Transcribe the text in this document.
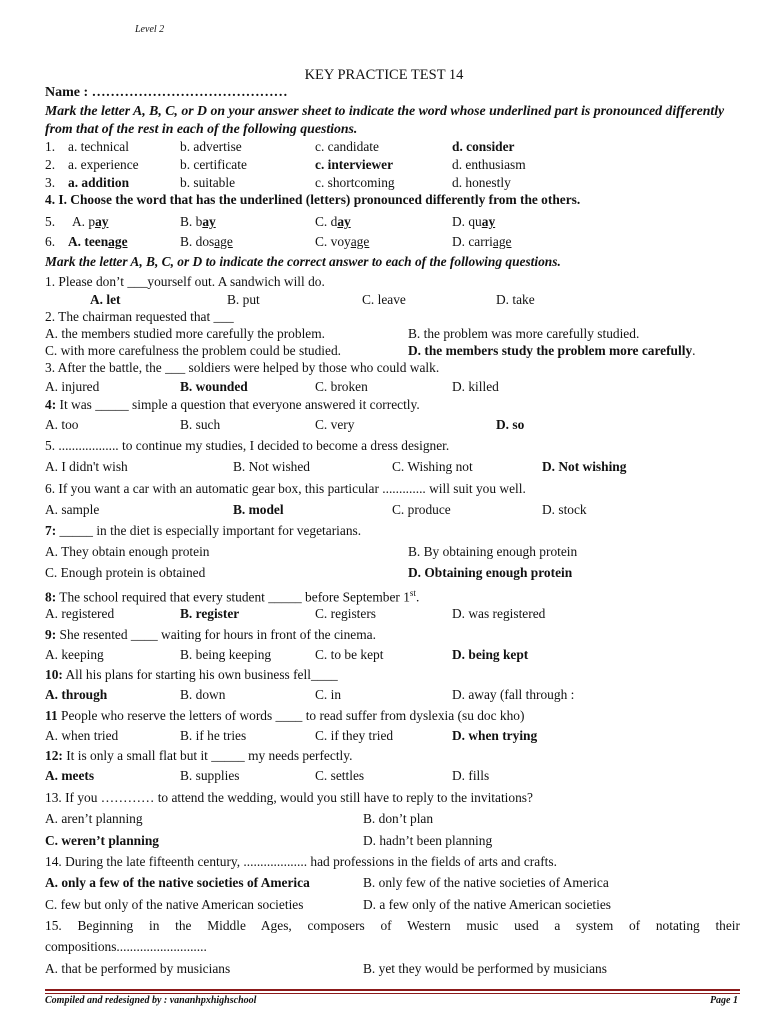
Level 2
KEY PRACTICE TEST 14
Name : ……………………………………
Mark the letter A, B, C, or D on your answer sheet to indicate the word whose underlined part is pronounced differently from that of the rest in each of the following questions.
1. a. technical	b. advertise	c. candidate	d. consider
2. a. experience	b. certificate	c. interviewer	d. enthusiasm
3. a. addition	b. suitable	c. shortcoming	d. honestly
4. I. Choose the word that has the underlined (letters) pronounced differently from the others.
5. A. pay	B. bay	C. day	D. quay
6. A. teenage	B. dosage	C. voyage	D. carriage
Mark the letter A, B, C, or D to indicate the correct answer to each of the following questions.
1. Please don’t ___yourself out. A sandwich will do.
A. let	B. put	C. leave	D. take
2. The chairman requested that ___
A. the members studied more carefully the problem.	B. the problem was more carefully studied.
C. with more carefulness the problem could be studied.	D. the members study the problem more carefully.
3. After the battle, the ___ soldiers were helped by those who could walk.
A. injured	B. wounded	C. broken	D. killed
4: It was _____ simple a question that everyone answered it correctly.
A. too	B. such	C. very	D. so
5. .................. to continue my studies, I decided to become a dress designer.
A. I didn't wish	B. Not wished	C. Wishing not	D. Not wishing
6. If you want a car with an automatic gear box, this particular ............. will suit you well.
A. sample	B. model	C. produce	D. stock
7: _____ in the diet is especially important for vegetarians.
A. They obtain enough protein	B. By obtaining enough protein
C. Enough protein is obtained	D. Obtaining enough protein
8: The school required that every student _____ before September 1st.
A. registered	B. register	C. registers	D. was registered
9: She resented ____ waiting for hours in front of the cinema.
A. keeping	B. being keeping	C. to be kept	D. being kept
10: All his plans for starting his own business fell____
A. through	B. down	C. in	D. away (fall through :
11 People who reserve the letters of words ____ to read suffer from dyslexia (su doc kho)
A. when tried	B. if he tries	C. if they tried	D. when trying
12: It is only a small flat but it _____ my needs perfectly.
A. meets	B. supplies	C. settles	D. fills
13. If you ………… to attend the wedding, would you still have to reply to the invitations?
A. aren’t planning	B. don’t plan
C. weren’t planning	D. hadn’t been planning
14. During the late fifteenth century, ................... had professions in the fields of arts and crafts.
A. only a few of the native societies of America	B. only few of the native societies of America
C. few but only of the native American societies	D. a few only of the native American societies
15. Beginning in the Middle Ages, composers of Western music used a system of notating their
compositions...........................
A. that be performed by musicians	B. yet they would be performed by musicians
Compiled and redesigned by : vananhpxhighschool	Page 1
